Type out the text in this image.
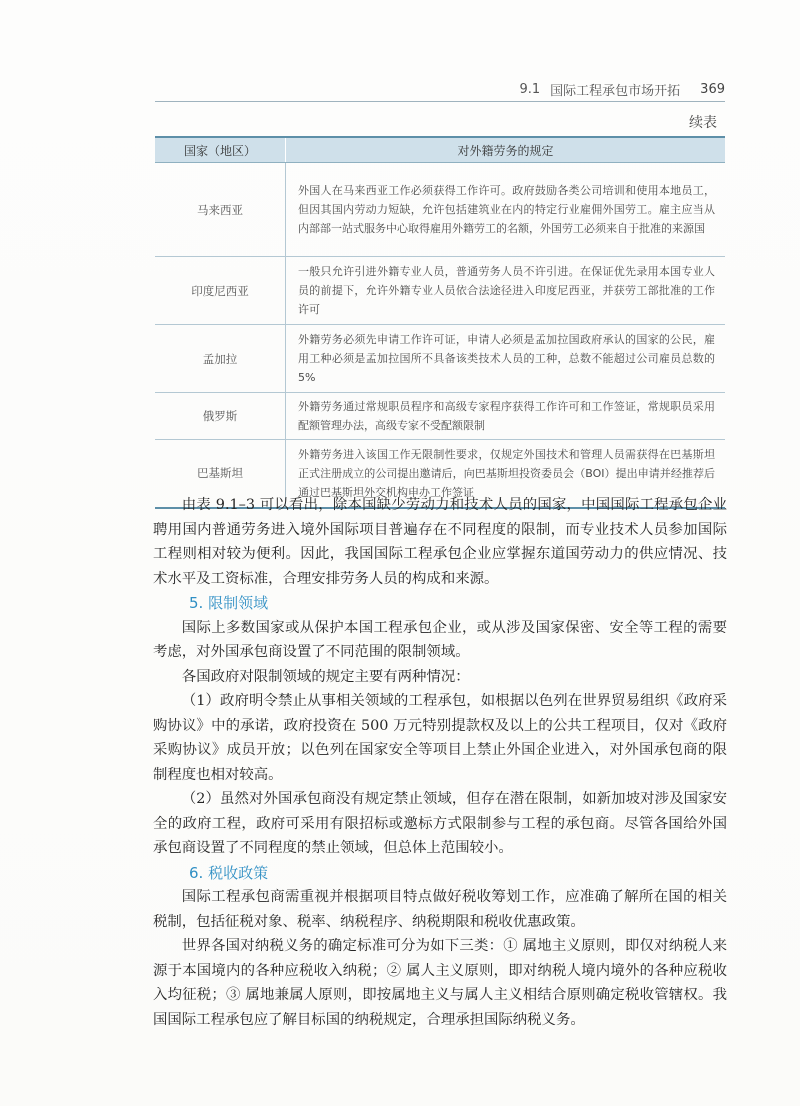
9.1 国际工程承包市场开拓 369
续表
国家（地区）	对外籍劳务的规定
马来西亚	外国人在马来西亚工作必须获得工作许可。政府鼓励各类公司培训和使用本地员工，但因其国内劳动力短缺，允许包括建筑业在内的特定行业雇佣外国劳工。雇主应当从内部部一站式服务中心取得雇用外籍劳工的名额，外国劳工必须来自于批准的来源国
印度尼西亚	一般只允许引进外籍专业人员，普通劳务人员不许引进。在保证优先录用本国专业人员的前提下，允许外籍专业人员依合法途径进入印度尼西亚，并获劳工部批准的工作许可
孟加拉	外籍劳务必须先申请工作许可证，申请人必须是孟加拉国政府承认的国家的公民，雇用工种必须是孟加拉国所不具备该类技术人员的工种，总数不能超过公司雇员总数的 5%
俄罗斯	外籍劳务通过常规职员程序和高级专家程序获得工作许可和工作签证，常规职员采用配额管理办法，高级专家不受配额限制
巴基斯坦	外籍劳务进入该国工作无限制性要求，仅规定外国技术和管理人员需获得在巴基斯坦正式注册成立的公司提出邀请后，向巴基斯坦投资委员会（BOI）提出申请并经推荐后通过巴基斯坦外交机构申办工作签证

由表 9.1–3 可以看出，除本国缺少劳动力和技术人员的国家，中国国际工程承包企业聘用国内普通劳务进入境外国际项目普遍存在不同程度的限制，而专业技术人员参加国际工程则相对较为便利。因此，我国国际工程承包企业应掌握东道国劳动力的供应情况、技术水平及工资标准，合理安排劳务人员的构成和来源。

5. 限制领域

国际上多数国家或从保护本国工程承包企业，或从涉及国家保密、安全等工程的需要考虑，对外国承包商设置了不同范围的限制领域。

各国政府对限制领域的规定主要有两种情况：

（1）政府明令禁止从事相关领域的工程承包，如根据以色列在世界贸易组织《政府采购协议》中的承诺，政府投资在 500 万元特别提款权及以上的公共工程项目，仅对《政府采购协议》成员开放；以色列在国家安全等项目上禁止外国企业进入，对外国承包商的限制程度也相对较高。

（2）虽然对外国承包商没有规定禁止领域，但存在潜在限制，如新加坡对涉及国家安全的政府工程，政府可采用有限招标或邀标方式限制参与工程的承包商。尽管各国给外国承包商设置了不同程度的禁止领域，但总体上范围较小。

6. 税收政策

国际工程承包商需重视并根据项目特点做好税收筹划工作，应准确了解所在国的相关税制，包括征税对象、税率、纳税程序、纳税期限和税收优惠政策。

世界各国对纳税义务的确定标准可分为如下三类：① 属地主义原则，即仅对纳税人来源于本国境内的各种应税收入纳税；② 属人主义原则，即对纳税人境内境外的各种应税收入均征税；③ 属地兼属人原则，即按属地主义与属人主义相结合原则确定税收管辖权。我国国际工程承包应了解目标国的纳税规定，合理承担国际纳税义务。
